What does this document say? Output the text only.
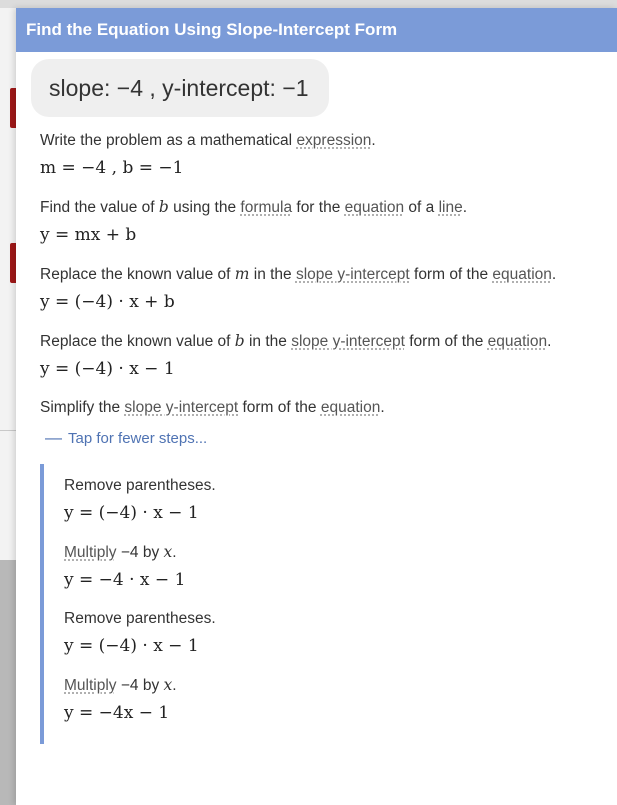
Find the Equation Using Slope-Intercept Form
slope: −4 , y-intercept: −1
Write the problem as a mathematical expression.
m = −4 , b = −1
Find the value of b using the formula for the equation of a line.
y = mx + b
Replace the known value of m in the slope y-intercept form of the equation.
y = (−4) · x + b
Replace the known value of b in the slope y-intercept form of the equation.
y = (−4) · x − 1
Simplify the slope y-intercept form of the equation.
— Tap for fewer steps...
Remove parentheses.
y = (−4) · x − 1
Multiply −4 by x.
y = −4 · x − 1
Remove parentheses.
y = (−4) · x − 1
Multiply −4 by x.
y = −4x − 1
